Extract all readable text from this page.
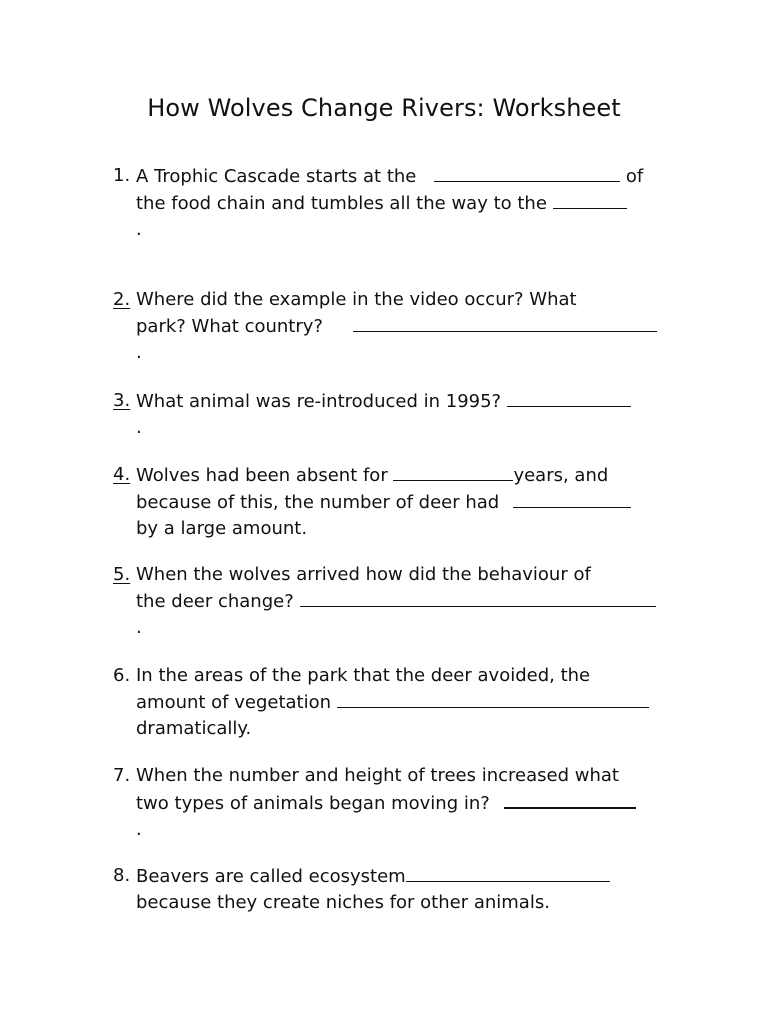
How Wolves Change Rivers: Worksheet
1. A Trophic Cascade starts at the	of
the food chain and tumbles all the way to the
.
2. Where did the example in the video occur? What
park? What country?
.
3. What animal was re-introduced in 1995?
.
4. Wolves had been absent for	years, and
because of this, the number of deer had
by a large amount.
5. When the wolves arrived how did the behaviour of
the deer change?
.
6. In the areas of the park that the deer avoided, the
amount of vegetation
dramatically.
7. When the number and height of trees increased what
two types of animals began moving in?
.
8. Beavers are called ecosystem
because they create niches for other animals.
